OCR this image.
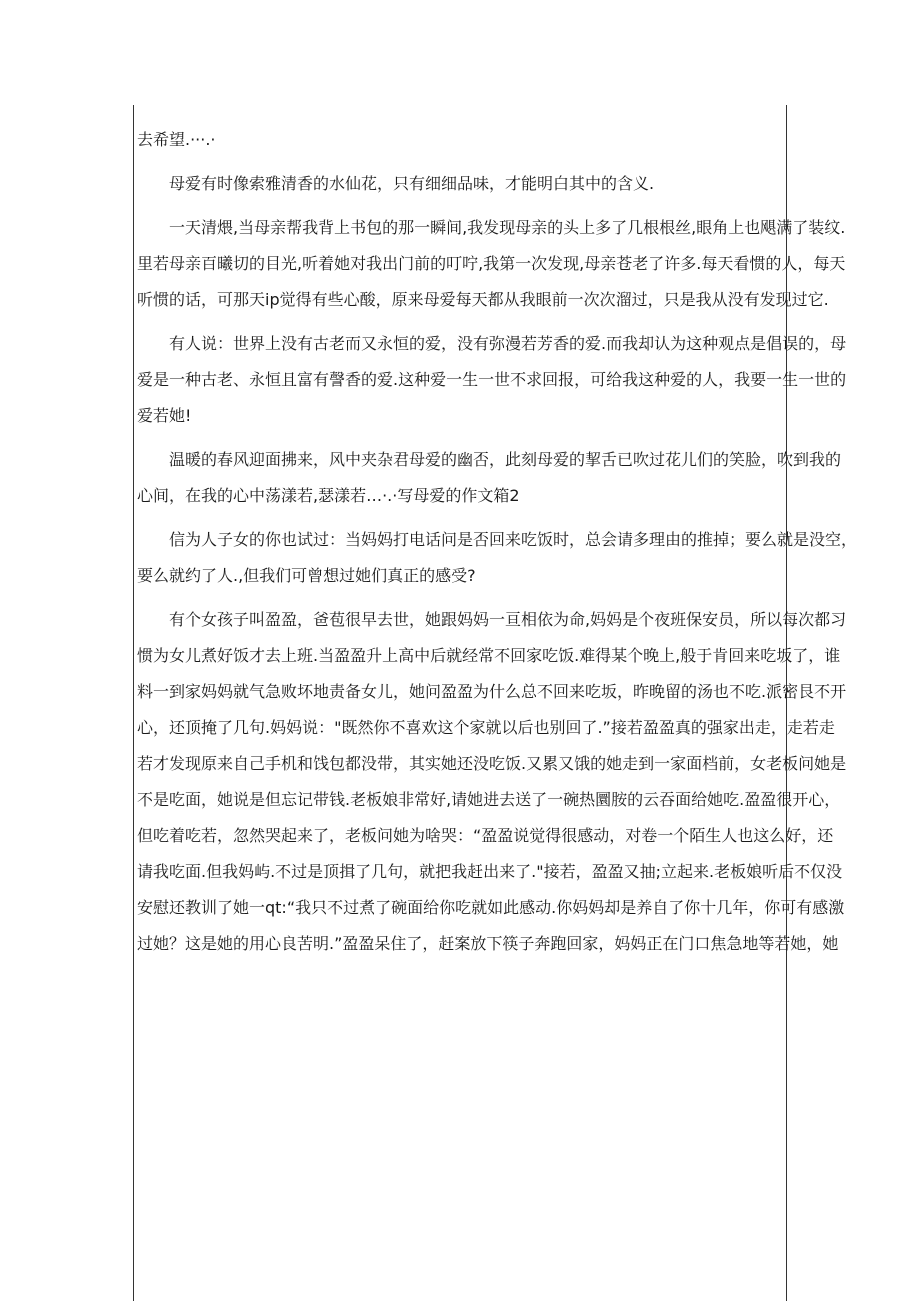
去希望.···.·
母爱有时像索雅清香的水仙花，只有细细品味，才能明白其中的含义.
一天清煨,当母亲帮我背上书包的那一瞬间,我发现母亲的头上多了几根根丝,眼角上也飓满了装纹.
里若母亲百曦切的目光,听着她对我出门前的叮咛,我第一次发现,母亲苍老了许多.每天看惯的人，每天
听惯的话，可那天ip觉得有些心酸，原来母爱每天都从我眼前一次次溜过，只是我从没有发现过它.
有人说：世界上没有古老而又永恒的爱，没有弥漫若芳香的爱.而我却认为这种观点是倡误的，母
爱是一种古老、永恒且富有謦香的爱.这种爱一生一世不求回报，可给我这种爱的人，我要一生一世的
爱若她!
温暖的春风迎面拂来，风中夹杂君母爱的幽否，此刻母爱的挈舌已吹过花儿们的笑脸，吹到我的
心间，在我的心中荡漾若,瑟漾若…·.·写母爱的作文箱2
信为人子女的你也试过：当妈妈打电话问是否回来吃饭时，总会请多理由的推掉；要么就是没空，
要么就约了人.,但我们可曾想过她们真正的感受?
有个女孩子叫盈盈，爸苞很早去世，她跟妈妈一亘相依为命,妈妈是个夜班保安员，所以每次都习
惯为女儿煮好饭才去上班.当盈盈升上高中后就经常不回家吃饭.难得某个晚上,般于肯回来吃坂了，谁
料一到家妈妈就气急败坏地责备女儿，她问盈盈为什么总不回来吃坂，昨晚留的汤也不吃.派密艮不开
心，还顶掩了几句.妈妈说："既然你不喜欢这个家就以后也别回了.”接若盈盈真的强家出走，走若走
若才发现原来自己手机和饯包都没带，其实她还没吃饭.又累又饿的她走到一家面档前，女老板问她是
不是吃面，她说是但忘记带钱.老板娘非常好,请她进去送了一碗热圜胺的云吞面给她吃.盈盈很开心，
但吃着吃若，忽然哭起来了，老板问她为啥哭：“盈盈说觉得很感动，对卷一个陌生人也这么好，还
请我吃面.但我妈屿.不过是顶揖了几句，就把我赶出来了."接若，盈盈又抽;立起来.老板娘听后不仅没
安慰还教训了她一qt:“我只不过煮了碗面给你吃就如此感动.你妈妈却是养自了你十几年，你可有感激
过她？这是她的用心良苦明.”盈盈呆住了，赶案放下筷子奔跑回家，妈妈正在门口焦急地等若她，她
